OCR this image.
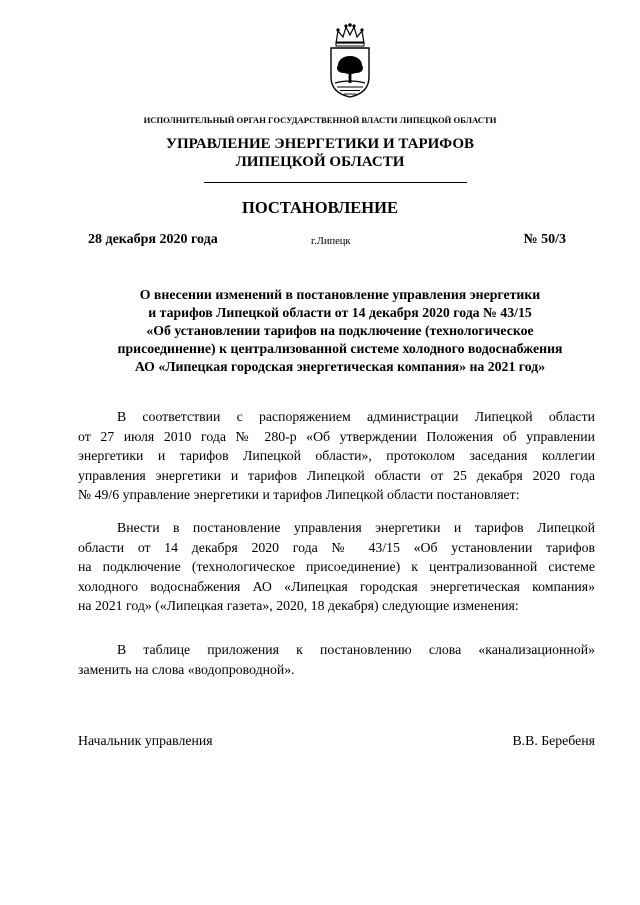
ИСПОЛНИТЕЛЬНЫЙ ОРГАН ГОСУДАРСТВЕННОЙ ВЛАСТИ ЛИПЕЦКОЙ ОБЛАСТИ
УПРАВЛЕНИЕ ЭНЕРГЕТИКИ И ТАРИФОВ
ЛИПЕЦКОЙ ОБЛАСТИ
ПОСТАНОВЛЕНИЕ
28 декабря 2020 года	г.Липецк	№ 50/3
О внесении изменений в постановление управления энергетики
и тарифов Липецкой области от 14 декабря 2020 года № 43/15
«Об установлении тарифов на подключение (технологическое
присоединение) к централизованной системе холодного водоснабжения
АО «Липецкая городская энергетическая компания» на 2021 год»
В соответствии с распоряжением администрации Липецкой области
от 27 июля 2010 года № 280-р «Об утверждении Положения об управлении
энергетики и тарифов Липецкой области», протоколом заседания коллегии
управления энергетики и тарифов Липецкой области от 25 декабря 2020 года
№ 49/6 управление энергетики и тарифов Липецкой области постановляет:
Внести в постановление управления энергетики и тарифов Липецкой
области от 14 декабря 2020 года № 43/15 «Об установлении тарифов
на подключение (технологическое присоединение) к централизованной системе
холодного водоснабжения АО «Липецкая городская энергетическая компания»
на 2021 год» («Липецкая газета», 2020, 18 декабря) следующие изменения:
В таблице приложения к постановлению слова «канализационной»
заменить на слова «водопроводной».
Начальник управления	В.В. Беребеня
